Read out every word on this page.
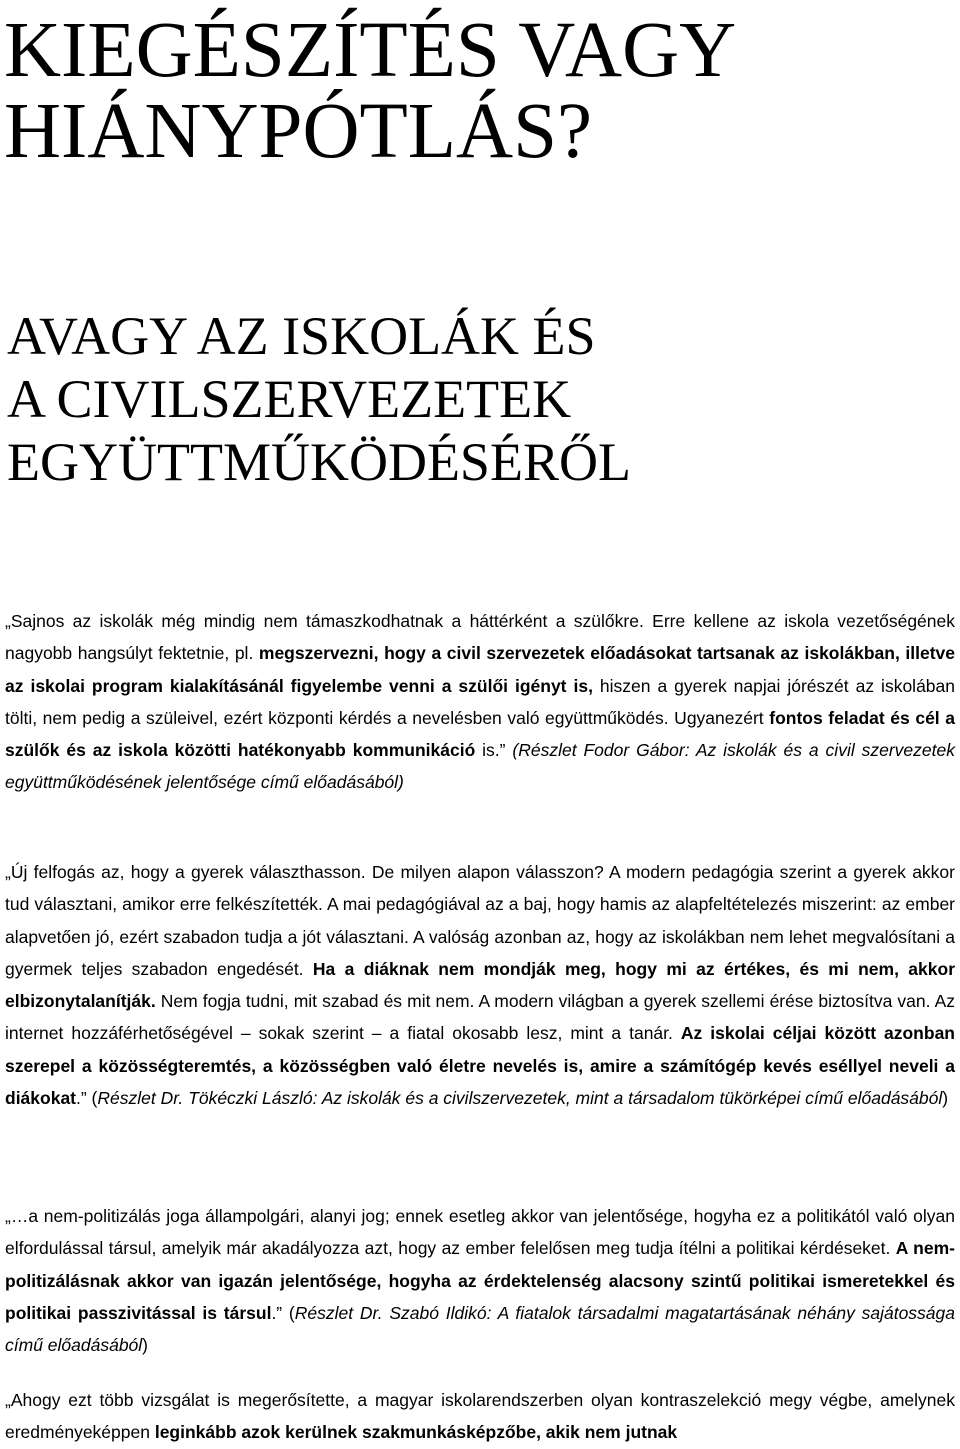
KIEGÉSZÍTÉS VAGY
HIÁNYPÓTLÁS?
AVAGY AZ ISKOLÁK ÉS
A CIVILSZERVEZETEK
EGYÜTTMŰKÖDÉSÉRŐL

„Sajnos az iskolák még mindig nem támaszkodhatnak a háttérként a szülőkre. Erre kellene az iskola vezetőségének nagyobb hangsúlyt fektetnie, pl. megszervezni, hogy a civil szervezetek előadásokat tartsanak az iskolákban, illetve az iskolai program kialakításánál figyelembe venni a szülői igényt is, hiszen a gyerek napjai jórészét az iskolában tölti, nem pedig a szüleivel, ezért központi kérdés a nevelésben való együttműködés. Ugyanezért fontos feladat és cél a szülők és az iskola közötti hatékonyabb kommunikáció is.” (Részlet Fodor Gábor: Az iskolák és a civil szervezetek együttműködésének jelentősége című előadásából)

„Új felfogás az, hogy a gyerek választhasson. De milyen alapon válasszon? A modern pedagógia szerint a gyerek akkor tud választani, amikor erre felkészítették. A mai pedagógiával az a baj, hogy hamis az alapfeltételezés miszerint: az ember alapvetően jó, ezért szabadon tudja a jót választani. A valóság azonban az, hogy az iskolákban nem lehet megvalósítani a gyermek teljes szabadon engedését. Ha a diáknak nem mondják meg, hogy mi az értékes, és mi nem, akkor elbizonytalanítják. Nem fogja tudni, mit szabad és mit nem. A modern világban a gyerek szellemi érése biztosítva van. Az internet hozzáférhetőségével – sokak szerint – a fiatal okosabb lesz, mint a tanár. Az iskolai céljai között azonban szerepel a közösségteremtés, a közösségben való életre nevelés is, amire a számítógép kevés eséllyel neveli a diákokat.” (Részlet Dr. Tökéczki László: Az iskolák és a civilszervezetek, mint a társadalom tükörképei című előadásából)

„…a nem-politizálás joga állampolgári, alanyi jog; ennek esetleg akkor van jelentősége, hogyha ez a politikától való olyan elfordulással társul, amelyik már akadályozza azt, hogy az ember felelősen meg tudja ítélni a politikai kérdéseket. A nem-politizálásnak akkor van igazán jelentősége, hogyha az érdektelenség alacsony szintű politikai ismeretekkel és politikai passzivitással is társul.” (Részlet Dr. Szabó Ildikó: A fiatalok társadalmi magatartásának néhány sajátossága című előadásából)

„Ahogy ezt több vizsgálat is megerősítette, a magyar iskolarendszerben olyan kontraszelekció megy végbe, amelynek eredményeképpen leginkább azok kerülnek szakmunkásképzőbe, akik nem jutnak
